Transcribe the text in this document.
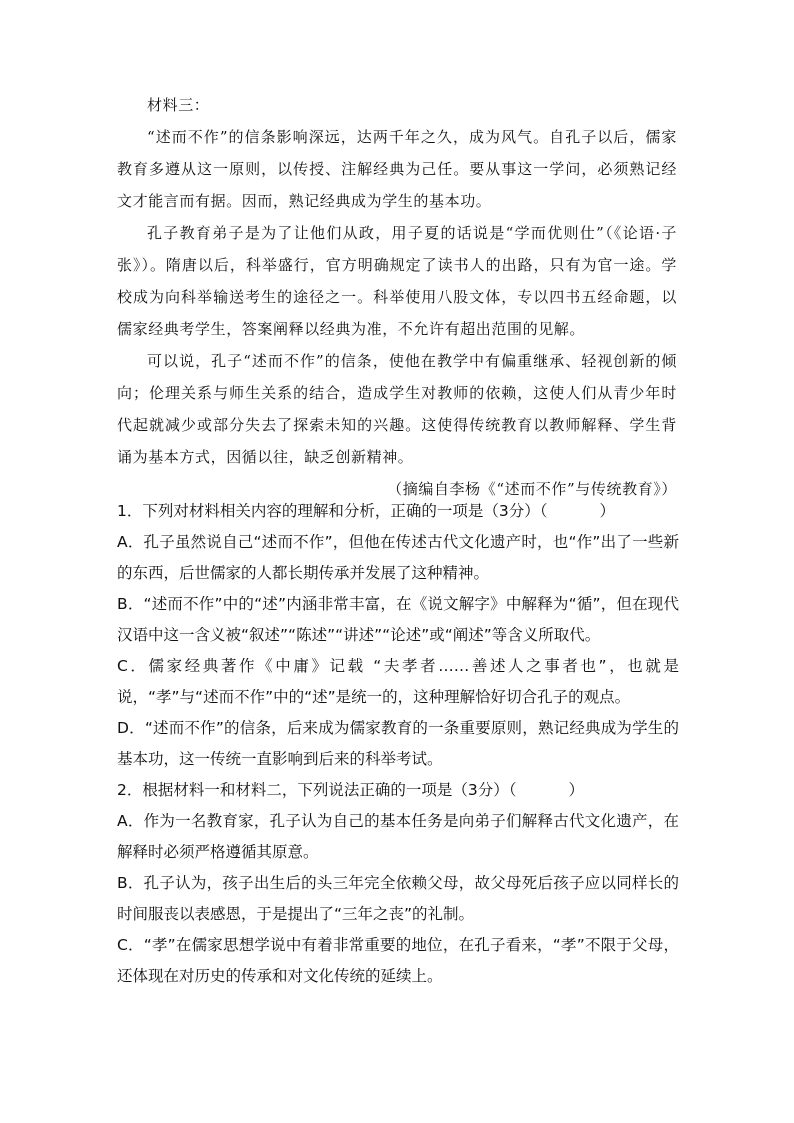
材料三：

“述而不作”的信条影响深远，达两千年之久，成为风气。自孔子以后，儒家教育多遵从这一原则，以传授、注解经典为己任。要从事这一学问，必须熟记经文才能言而有据。因而，熟记经典成为学生的基本功。

孔子教育弟子是为了让他们从政，用子夏的话说是“学而优则仕”（《论语·子张》）。隋唐以后，科举盛行，官方明确规定了读书人的出路，只有为官一途。学校成为向科举输送考生的途径之一。科举使用八股文体，专以四书五经命题，以儒家经典考学生，答案阐释以经典为准，不允许有超出范围的见解。

可以说，孔子“述而不作”的信条，使他在教学中有偏重继承、轻视创新的倾向；伦理关系与师生关系的结合，造成学生对教师的依赖，这使人们从青少年时代起就减少或部分失去了探索未知的兴趣。这使得传统教育以教师解释、学生背诵为基本方式，因循以往，缺乏创新精神。

（摘编自李杨《“述而不作”与传统教育》）

1．下列对材料相关内容的理解和分析，正确的一项是（3分）（	）

A．孔子虽然说自己“述而不作”，但他在传述古代文化遗产时，也“作”出了一些新的东西，后世儒家的人都长期传承并发展了这种精神。

B．“述而不作”中的“述”内涵非常丰富，在《说文解字》中解释为“循”，但在现代汉语中这一含义被“叙述”“陈述”“讲述”“论述”或“阐述”等含义所取代。

C．儒家经典著作《中庸》记载 “夫孝者……善述人之事者也”，也就是说，“孝”与“述而不作”中的“述”是统一的，这种理解恰好切合孔子的观点。

D．“述而不作”的信条，后来成为儒家教育的一条重要原则，熟记经典成为学生的基本功，这一传统一直影响到后来的科举考试。

2．根据材料一和材料二，下列说法正确的一项是（3分）（	）

A．作为一名教育家，孔子认为自己的基本任务是向弟子们解释古代文化遗产，在解释时必须严格遵循其原意。

B．孔子认为，孩子出生后的头三年完全依赖父母，故父母死后孩子应以同样长的时间服丧以表感恩，于是提出了“三年之丧”的礼制。

C．“孝”在儒家思想学说中有着非常重要的地位，在孔子看来，“孝”不限于父母，还体现在对历史的传承和对文化传统的延续上。
